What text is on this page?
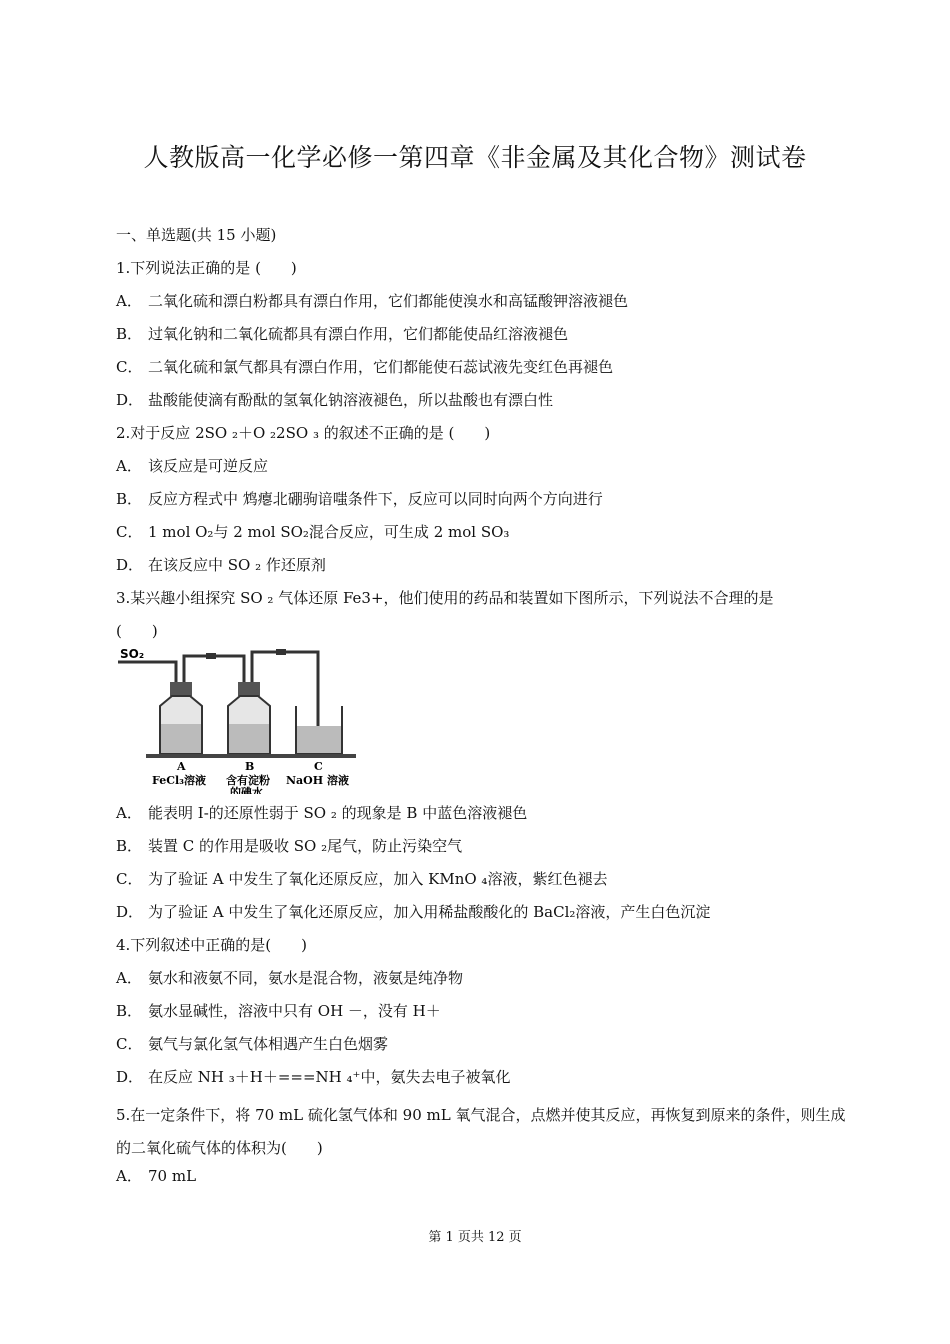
人教版高一化学必修一第四章《非金属及其化合物》测试卷
一、单选题(共 15 小题)
1.下列说法正确的是 (　　)
A． 二氧化硫和漂白粉都具有漂白作用，它们都能使溴水和高锰酸钾溶液褪色
B． 过氧化钠和二氧化硫都具有漂白作用，它们都能使品红溶液褪色
C． 二氧化硫和氯气都具有漂白作用，它们都能使石蕊试液先变红色再褪色
D． 盐酸能使滴有酚酞的氢氧化钠溶液褪色，所以盐酸也有漂白性
2.对于反应 2SO ₂＋O ₂2SO ₃ 的叙述不正确的是 (　　)
A． 该反应是可逆反应
B． 反应方程式中 鸩瘪北硼驹谙嗤条件下，反应可以同时向两个方向进行
C． 1 mol O₂与 2 mol SO₂混合反应，可生成 2 mol SO₃
D． 在该反应中 SO ₂ 作还原剂
3.某兴趣小组探究 SO ₂ 气体还原 Fe3+，他们使用的药品和装置如下图所示，下列说法不合理的是
(　　)
SO₂
A
FeCl₃溶液
B
含有淀粉
的碘水
C
NaOH 溶液
A． 能表明 I-的还原性弱于 SO ₂ 的现象是 B 中蓝色溶液褪色
B． 装置 C 的作用是吸收 SO ₂尾气，防止污染空气
C． 为了验证 A 中发生了氧化还原反应，加入 KMnO ₄溶液，紫红色褪去
D． 为了验证 A 中发生了氧化还原反应，加入用稀盐酸酸化的 BaCl₂溶液，产生白色沉淀
4.下列叙述中正确的是(　　)
A． 氨水和液氨不同，氨水是混合物，液氨是纯净物
B． 氨水显碱性，溶液中只有 OH －，没有 H＋
C． 氨气与氯化氢气体相遇产生白色烟雾
D． 在反应 NH ₃＋H＋===NH ₄⁺中，氨失去电子被氧化
5.在一定条件下，将 70 mL 硫化氢气体和 90 mL 氧气混合，点燃并使其反应，再恢复到原来的条件，则生成的二氧化硫气体的体积为(　　)
A． 70 mL
第 1 页共 12 页
